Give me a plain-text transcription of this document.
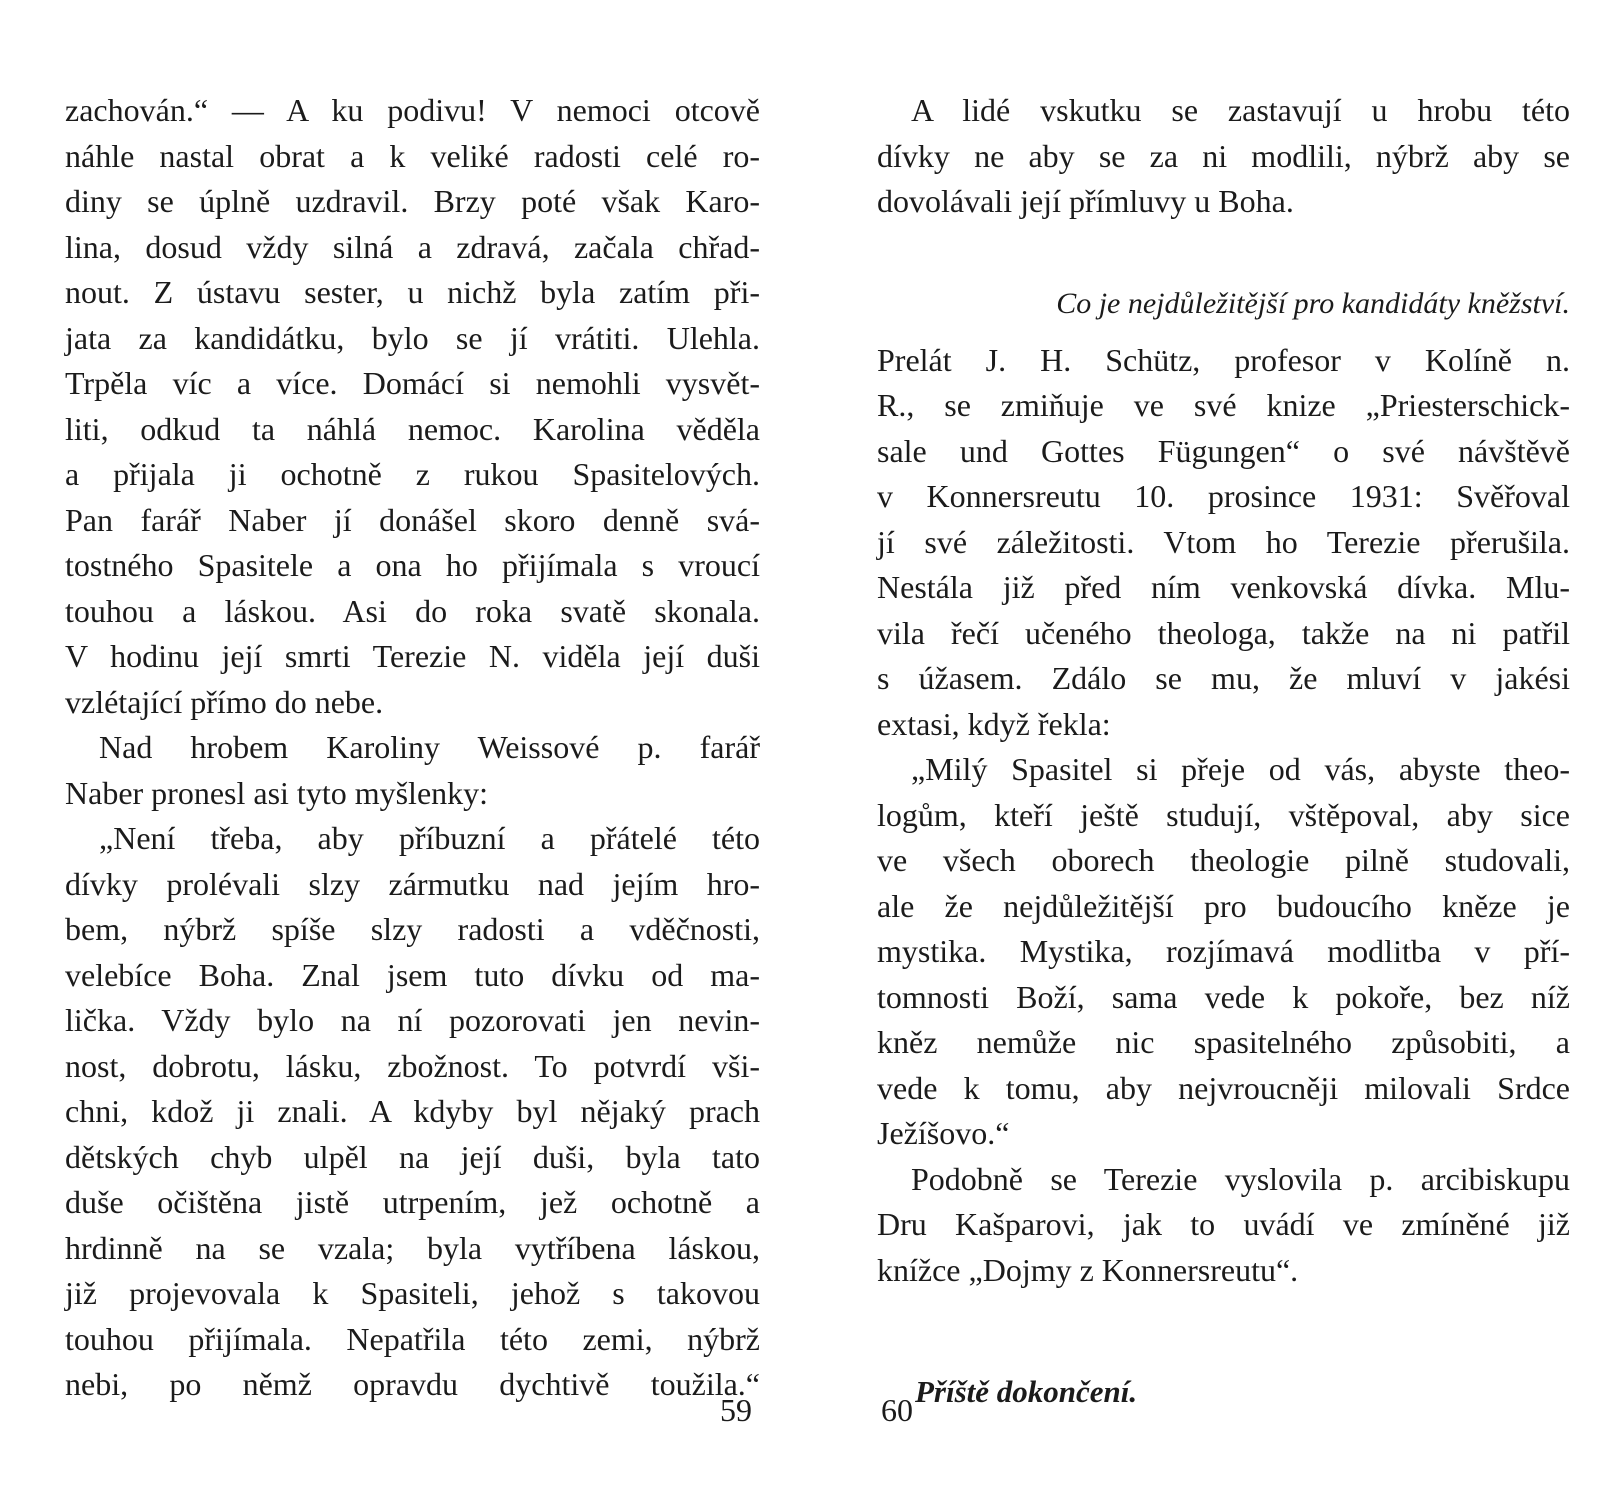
zachován.“ — A ku podivu! V nemoci otcově
náhle nastal obrat a k veliké radosti celé ro-
diny se úplně uzdravil. Brzy poté však Karo-
lina, dosud vždy silná a zdravá, začala chřad-
nout. Z ústavu sester, u nichž byla zatím při-
jata za kandidátku, bylo se jí vrátiti. Ulehla.
Trpěla víc a více. Domácí si nemohli vysvět-
liti, odkud ta náhlá nemoc. Karolina věděla
a přijala ji ochotně z rukou Spasitelových.
Pan farář Naber jí donášel skoro denně svá-
tostného Spasitele a ona ho přijímala s vroucí
touhou a láskou. Asi do roka svatě skonala.
V hodinu její smrti Terezie N. viděla její duši
vzlétající přímo do nebe.
Nad hrobem Karoliny Weissové p. farář
Naber pronesl asi tyto myšlenky:
„Není třeba, aby příbuzní a přátelé této
dívky prolévali slzy zármutku nad jejím hro-
bem, nýbrž spíše slzy radosti a vděčnosti,
velebíce Boha. Znal jsem tuto dívku od ma-
lička. Vždy bylo na ní pozorovati jen nevin-
nost, dobrotu, lásku, zbožnost. To potvrdí vši-
chni, kdož ji znali. A kdyby byl nějaký prach
dětských chyb ulpěl na její duši, byla tato
duše očištěna jistě utrpením, jež ochotně a
hrdinně na se vzala; byla vytříbena láskou,
již projevovala k Spasiteli, jehož s takovou
touhou přijímala. Nepatřila této zemi, nýbrž
nebi, po němž opravdu dychtivě toužila.“
59
A lidé vskutku se zastavují u hrobu této
dívky ne aby se za ni modlili, nýbrž aby se
dovolávali její přímluvy u Boha.
Co je nejdůležitější pro kandidáty kněžství.
Prelát J. H. Schütz, profesor v Kolíně n.
R., se zmiňuje ve své knize „Priesterschick-
sale und Gottes Fügungen“ o své návštěvě
v Konnersreutu 10. prosince 1931: Svěřoval
jí své záležitosti. Vtom ho Terezie přerušila.
Nestála již před ním venkovská dívka. Mlu-
vila řečí učeného theologa, takže na ni patřil
s úžasem. Zdálo se mu, že mluví v jakési
extasi, když řekla:
„Milý Spasitel si přeje od vás, abyste theo-
logům, kteří ještě studují, vštěpoval, aby sice
ve všech oborech theologie pilně studovali,
ale že nejdůležitější pro budoucího kněze je
mystika. Mystika, rozjímavá modlitba v pří-
tomnosti Boží, sama vede k pokoře, bez níž
kněz nemůže nic spasitelného způsobiti, a
vede k tomu, aby nejvroucněji milovali Srdce
Ježíšovo.“
Podobně se Terezie vyslovila p. arcibiskupu
Dru Kašparovi, jak to uvádí ve zmíněné již
knížce „Dojmy z Konnersreutu“.
Příště dokončení.
60
